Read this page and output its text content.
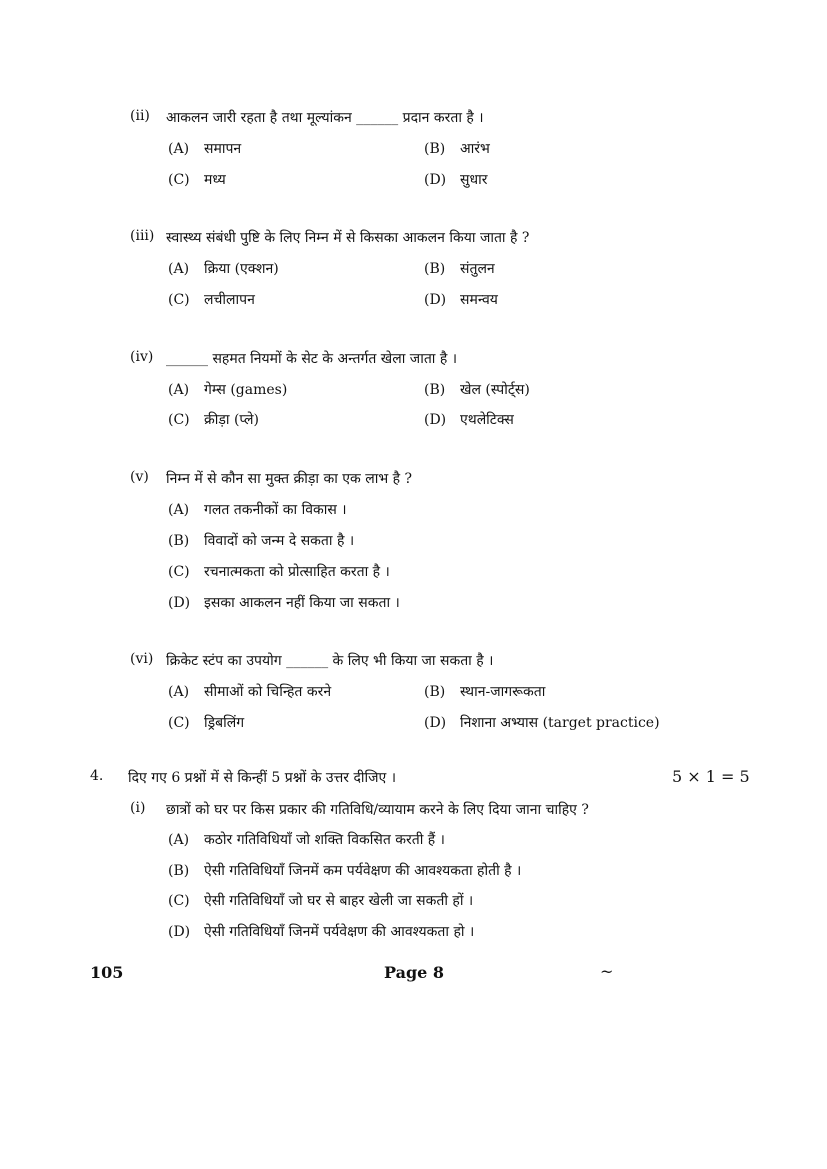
(ii)	आकलन जारी रहता है तथा मूल्यांकन ______ प्रदान करता है ।
(A) समापन	(B) आरंभ
(C) मध्य	(D) सुधार
(iii) स्वास्थ्य संबंधी पुष्टि के लिए निम्न में से किसका आकलन किया जाता है ?
(A) क्रिया (एक्शन)	(B) संतुलन
(C) लचीलापन	(D) समन्वय
(iv) ______ सहमत नियमों के सेट के अन्तर्गत खेला जाता है ।
(A) गेम्स (games)	(B) खेल (स्पोर्ट्स)
(C) क्रीड़ा (प्ले)	(D) एथलेटिक्स
(v)	निम्न में से कौन सा मुक्त क्रीड़ा का एक लाभ है ?
(A) गलत तकनीकों का विकास ।
(B) विवादों को जन्म दे सकता है ।
(C) रचनात्मकता को प्रोत्साहित करता है ।
(D) इसका आकलन नहीं किया जा सकता ।
(vi) क्रिकेट स्टंप का उपयोग ______ के लिए भी किया जा सकता है ।
(A) सीमाओं को चिन्हित करने	(B) स्थान-जागरूकता
(C) ड्रिबलिंग	(D) निशाना अभ्यास (target practice)
4. दिए गए 6 प्रश्नों में से किन्हीं 5 प्रश्नों के उत्तर दीजिए ।	5 × 1 = 5
(i)	छात्रों को घर पर किस प्रकार की गतिविधि/व्यायाम करने के लिए दिया जाना चाहिए ?
(A) कठोर गतिविधियाँ जो शक्ति विकसित करती हैं ।
(B) ऐसी गतिविधियाँ जिनमें कम पर्यवेक्षण की आवश्यकता होती है ।
(C) ऐसी गतिविधियाँ जो घर से बाहर खेली जा सकती हों ।
(D) ऐसी गतिविधियाँ जिनमें पर्यवेक्षण की आवश्यकता हो ।
105	Page 8	~
